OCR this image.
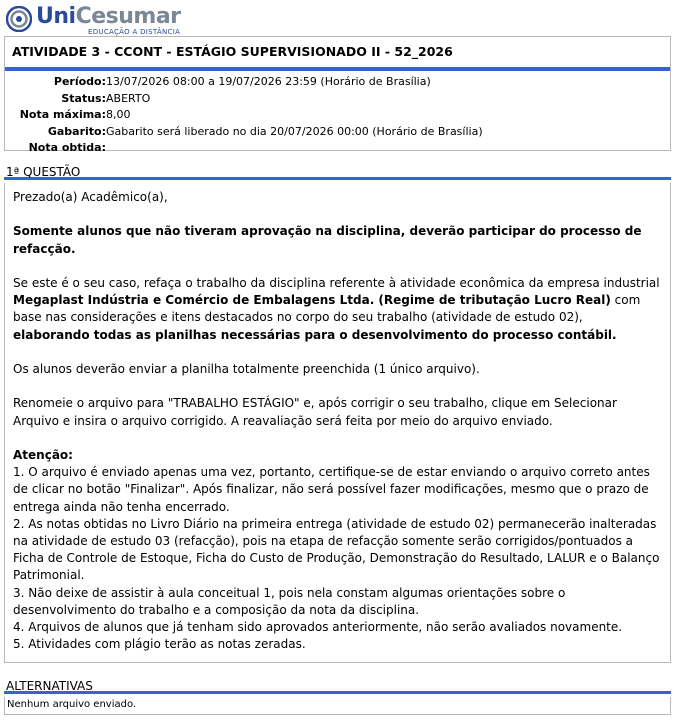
UniCesumar
EDUCAÇÃO A DISTÂNCIA
ATIVIDADE 3 - CCONT - ESTÁGIO SUPERVISIONADO II - 52_2026
Período:13/07/2026 08:00 a 19/07/2026 23:59 (Horário de Brasília)
Status:ABERTO
Nota máxima:8,00
Gabarito:Gabarito será liberado no dia 20/07/2026 00:00 (Horário de Brasília)
Nota obtida:
1ª QUESTÃO

Prezado(a) Acadêmico(a),

Somente alunos que não tiveram aprovação na disciplina, deverão participar do processo de refacção.

Se este é o seu caso, refaça o trabalho da disciplina referente à atividade econômica da empresa industrial Megaplast Indústria e Comércio de Embalagens Ltda. (Regime de tributação Lucro Real) com base nas considerações e itens destacados no corpo do seu trabalho (atividade de estudo 02), elaborando todas as planilhas necessárias para o desenvolvimento do processo contábil.

Os alunos deverão enviar a planilha totalmente preenchida (1 único arquivo).

Renomeie o arquivo para "TRABALHO ESTÁGIO" e, após corrigir o seu trabalho, clique em Selecionar Arquivo e insira o arquivo corrigido. A reavaliação será feita por meio do arquivo enviado.

Atenção:
1. O arquivo é enviado apenas uma vez, portanto, certifique-se de estar enviando o arquivo correto antes de clicar no botão "Finalizar". Após finalizar, não será possível fazer modificações, mesmo que o prazo de entrega ainda não tenha encerrado.
2. As notas obtidas no Livro Diário na primeira entrega (atividade de estudo 02) permanecerão inalteradas na atividade de estudo 03 (refacção), pois na etapa de refacção somente serão corrigidos/pontuados a Ficha de Controle de Estoque, Ficha do Custo de Produção, Demonstração do Resultado, LALUR e o Balanço Patrimonial.
3. Não deixe de assistir à aula conceitual 1, pois nela constam algumas orientações sobre o desenvolvimento do trabalho e a composição da nota da disciplina.
4. Arquivos de alunos que já tenham sido aprovados anteriormente, não serão avaliados novamente.
5. Atividades com plágio terão as notas zeradas.
ALTERNATIVAS
Nenhum arquivo enviado.
